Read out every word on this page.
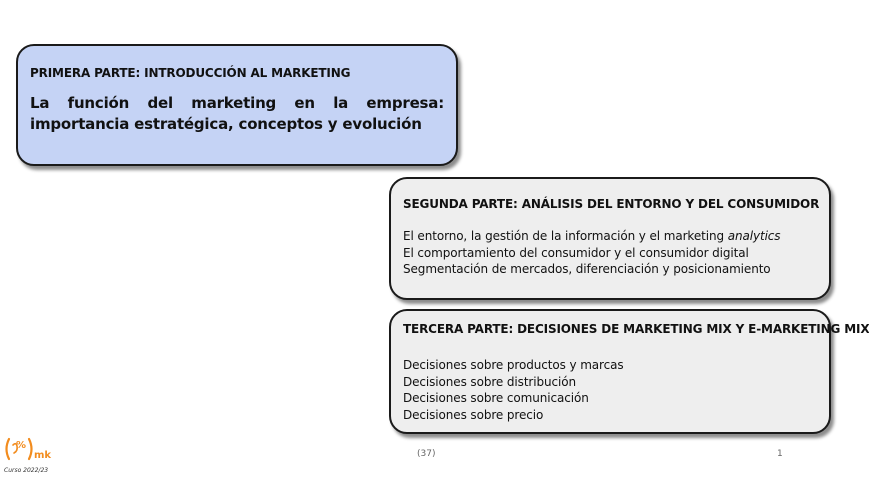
PRIMERA PARTE: INTRODUCCIÓN AL MARKETING
La función del marketing en la empresa: importancia estratégica, conceptos y evolución
SEGUNDA PARTE: ANÁLISIS DEL ENTORNO Y DEL CONSUMIDOR
El entorno, la gestión de la información y el marketing analytics
El comportamiento del consumidor y el consumidor digital
Segmentación de mercados, diferenciación y posicionamiento
TERCERA PARTE: DECISIONES DE MARKETING MIX Y E-MARKETING MIX
Decisiones sobre productos y marcas
Decisiones sobre distribución
Decisiones sobre comunicación
Decisiones sobre precio
(37)	1
%
mk
Curso 2022/23
